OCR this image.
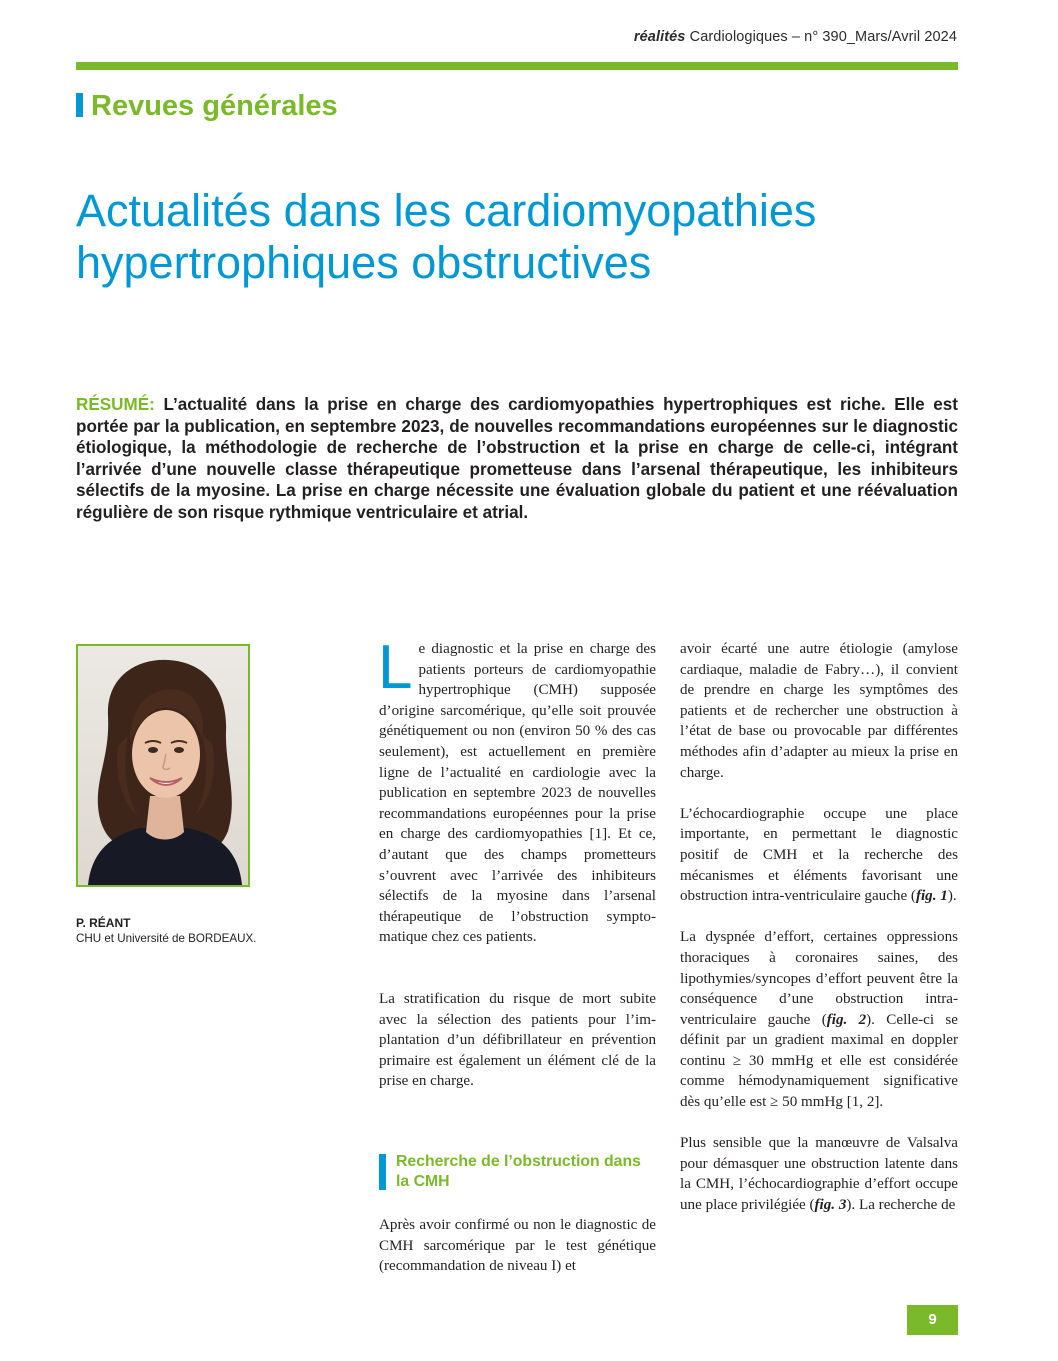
réalités Cardiologiques – n° 390_Mars/Avril 2024
Revues générales
Actualités dans les cardiomyopathies
hypertrophiques obstructives

RÉSUMÉ: L’actualité dans la prise en charge des cardiomyopathies hypertrophiques est riche. Elle est portée par la publication, en septembre 2023, de nouvelles recommandations européennes sur le diagnostic étiologique, la méthodologie de recherche de l’obstruction et la prise en charge de celle-ci, intégrant l’arrivée d’une nouvelle classe thérapeutique prometteuse dans l’arsenal thérapeutique, les inhibiteurs sélectifs de la myosine. La prise en charge nécessite une évaluation globale du patient et une réévaluation régulière de son risque rythmique ventriculaire et atrial.

P. RÉANT
CHU et Université de BORDEAUX.

Le diagnostic et la prise en charge des patients porteurs de cardiomyopathie hypertrophique (CMH) supposée d’origine sarcomérique, qu’elle soit prouvée génétiquement ou non (environ 50 % des cas seulement), est actuellement en première ligne de l’actualité en cardiologie avec la publication en septembre 2023 de nouvelles recommandations européennes pour la prise en charge des cardiomyopathies [1]. Et ce, d’autant que des champs prometteurs s’ouvrent avec l’arrivée des inhibiteurs sélectifs de la myosine dans l’arsenal thérapeutique de l’obstruction symptomatique chez ces patients.

La stratification du risque de mort subite avec la sélection des patients pour l’implantation d’un défibrillateur en prévention primaire est également un élément clé de la prise en charge.

Après avoir confirmé ou non le diagnostic de CMH sarcomérique par le test génétique (recommandation de niveau I) et

Recherche de l’obstruction dans la CMH

avoir écarté une autre étiologie (amylose cardiaque, maladie de Fabry…), il convient de prendre en charge les symptômes des patients et de rechercher une obstruction à l’état de base ou provocable par différentes méthodes afin d’adapter au mieux la prise en charge.

L’échocardiographie occupe une place importante, en permettant le diagnostic positif de CMH et la recherche des mécanismes et éléments favorisant une obstruction intra-ventriculaire gauche (fig. 1).

La dyspnée d’effort, certaines oppressions thoraciques à coronaires saines, des lipothymies/syncopes d’effort peuvent être la conséquence d’une obstruction intra-ventriculaire gauche (fig. 2). Celle-ci se définit par un gradient maximal en doppler continu ≥ 30 mmHg et elle est considérée comme hémodynamiquement significative dès qu’elle est ≥ 50 mmHg [1, 2].

Plus sensible que la manœuvre de Valsalva pour démasquer une obstruction latente dans la CMH, l’échocardiographie d’effort occupe une place privilégiée (fig. 3). La recherche de

9
